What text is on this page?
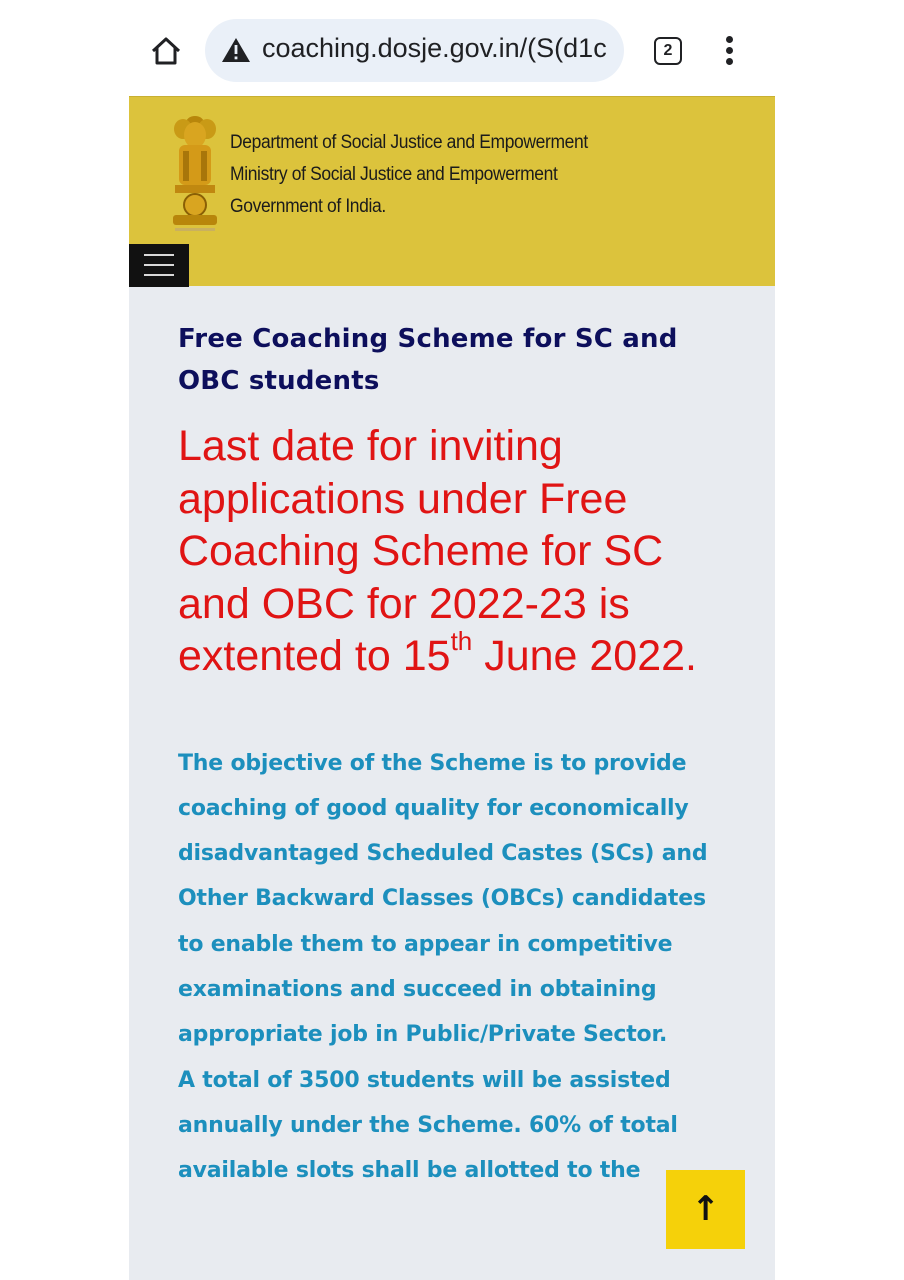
coaching.dosje.gov.in/(S(d1c	2
Department of Social Justice and Empowerment
Ministry of Social Justice and Empowerment
Government of India.
Free Coaching Scheme for SC and OBC students

Last date for inviting applications under Free Coaching Scheme for SC and OBC for 2022-23 is extented to 15th June 2022.

The objective of the Scheme is to provide coaching of good quality for economically disadvantaged Scheduled Castes (SCs) and Other Backward Classes (OBCs) candidates to enable them to appear in competitive examinations and succeed in obtaining appropriate job in Public/Private Sector.

A total of 3500 students will be assisted annually under the Scheme. 60% of total available slots shall be allotted to the

↑
